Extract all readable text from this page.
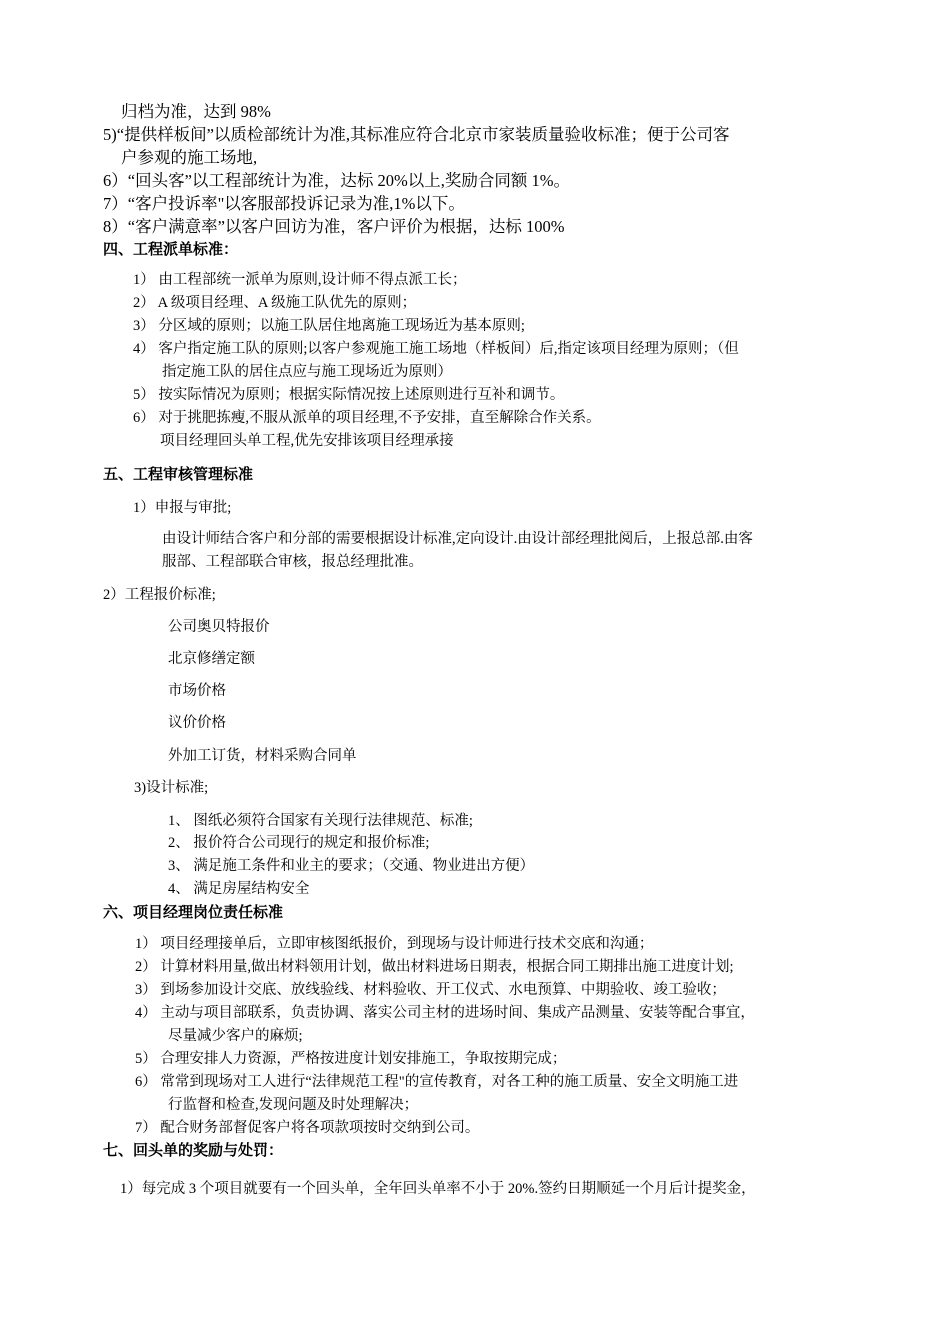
归档为准，达到 98%

5)“提供样板间”以质检部统计为准,其标准应符合北京市家装质量验收标准；便于公司客

户参观的施工场地,

6）“回头客”以工程部统计为准，达标 20%以上,奖励合同额 1%。

7）“客户投诉率"以客服部投诉记录为准,1%以下。

8）“客户满意率”以客户回访为准，客户评价为根据，达标 100%

四、工程派单标准：

1） 由工程部统一派单为原则,设计师不得点派工长；

2） A 级项目经理、A 级施工队优先的原则；

3） 分区域的原则；以施工队居住地离施工现场近为基本原则;

4） 客户指定施工队的原则;以客户参观施工施工场地（样板间）后,指定该项目经理为原则；（但

指定施工队的居住点应与施工现场近为原则）

5） 按实际情况为原则；根据实际情况按上述原则进行互补和调节。

6） 对于挑肥拣瘦,不服从派单的项目经理,不予安排，直至解除合作关系。

项目经理回头单工程,优先安排该项目经理承接

五、工程审核管理标准

1）申报与审批;

由设计师结合客户和分部的需要根据设计标准,定向设计.由设计部经理批阅后，上报总部.由客

服部、工程部联合审核，报总经理批准。

2）工程报价标准;

公司奥贝特报价

北京修缮定额

市场价格

议价价格

外加工订货，材料采购合同单

3)设计标准;

1、 图纸必须符合国家有关现行法律规范、标准;

2、 报价符合公司现行的规定和报价标准;

3、 满足施工条件和业主的要求；（交通、物业进出方便）

4、 满足房屋结构安全

六、项目经理岗位责任标准

1） 项目经理接单后，立即审核图纸报价，到现场与设计师进行技术交底和沟通；

2） 计算材料用量,做出材料领用计划，做出材料进场日期表，根据合同工期排出施工进度计划;

3） 到场参加设计交底、放线验线、材料验收、开工仪式、水电预算、中期验收、竣工验收；

4） 主动与项目部联系，负责协调、落实公司主材的进场时间、集成产品测量、安装等配合事宜，

尽量减少客户的麻烦;

5） 合理安排人力资源，严格按进度计划安排施工，争取按期完成；

6） 常常到现场对工人进行“法律规范工程"的宣传教育，对各工种的施工质量、安全文明施工进

行监督和检查,发现问题及时处理解决；

7） 配合财务部督促客户将各项款项按时交纳到公司。

七、回头单的奖励与处罚：

1）每完成 3 个项目就要有一个回头单，全年回头单率不小于 20%.签约日期顺延一个月后计提奖金，
